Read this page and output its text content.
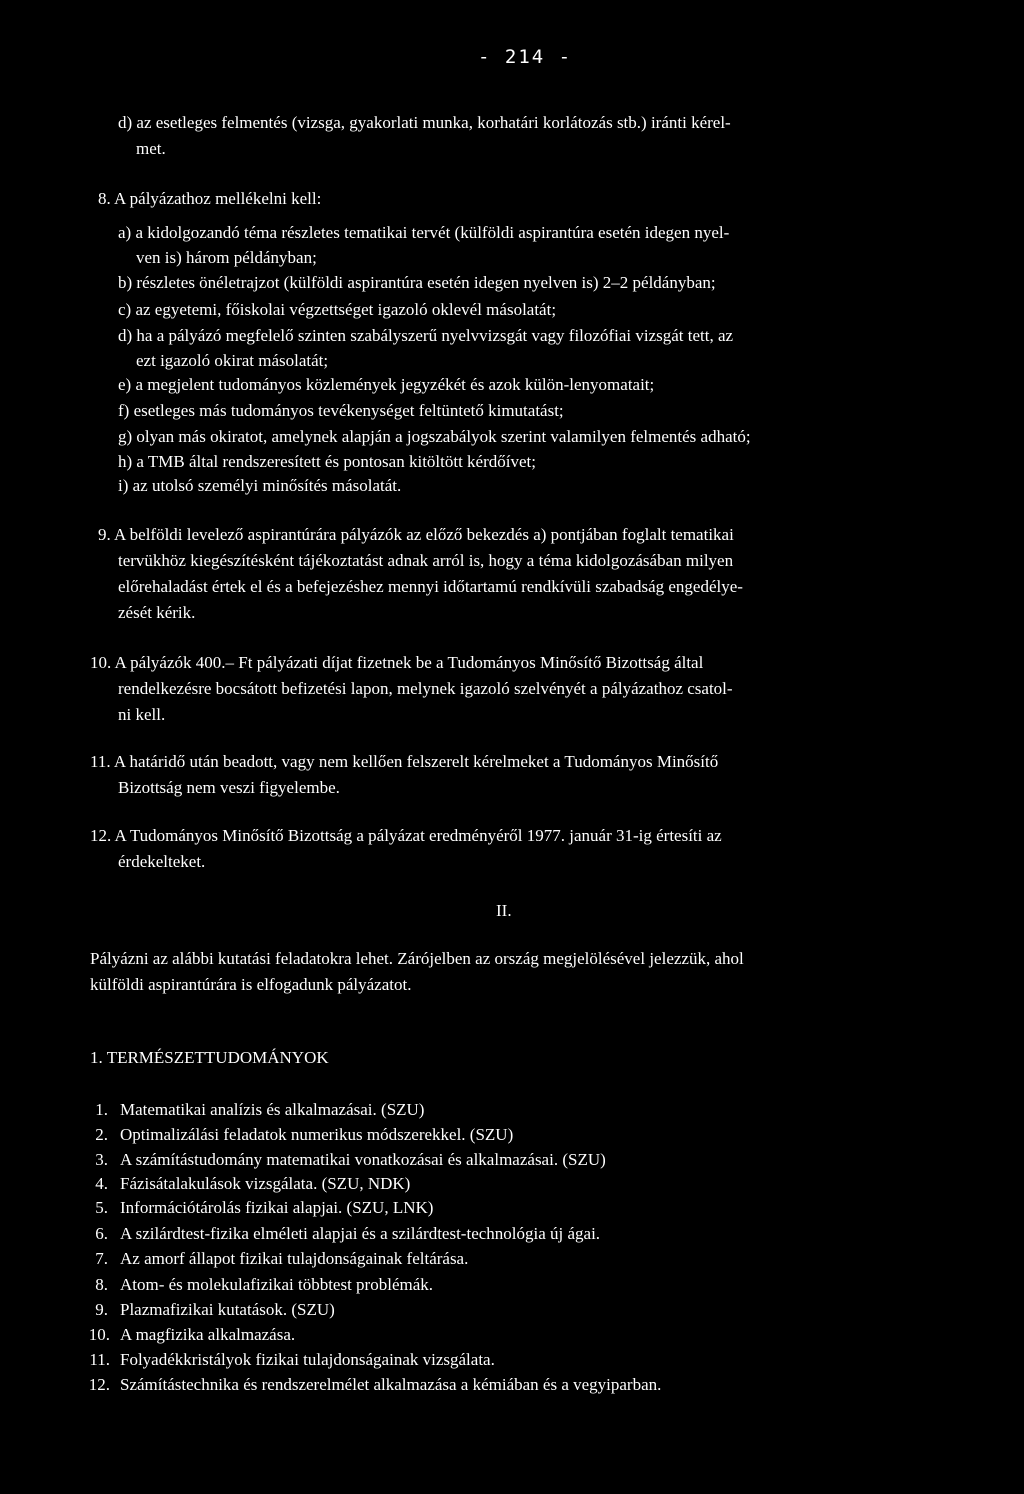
- 214 -
d) az esetleges felmentés (vizsga, gyakorlati munka, korhatári korlátozás stb.) iránti kérel-
met.
8. A pályázathoz mellékelni kell:
a) a kidolgozandó téma részletes tematikai tervét (külföldi aspirantúra esetén idegen nyel-
ven is) három példányban;
b) részletes önéletrajzot (külföldi aspirantúra esetén idegen nyelven is) 2–2 példányban;
c) az egyetemi, főiskolai végzettséget igazoló oklevél másolatát;
d) ha a pályázó megfelelő szinten szabályszerű nyelvvizsgát vagy filozófiai vizsgát tett, az
ezt igazoló okirat másolatát;
e) a megjelent tudományos közlemények jegyzékét és azok külön-lenyomatait;
f) esetleges más tudományos tevékenységet feltüntető kimutatást;
g) olyan más okiratot, amelynek alapján a jogszabályok szerint valamilyen felmentés adható;
h) a TMB által rendszeresített és pontosan kitöltött kérdőívet;
i) az utolsó személyi minősítés másolatát.
9. A belföldi levelező aspirantúrára pályázók az előző bekezdés a) pontjában foglalt tematikai
tervükhöz kiegészítésként tájékoztatást adnak arról is, hogy a téma kidolgozásában milyen
előrehaladást értek el és a befejezéshez mennyi időtartamú rendkívüli szabadság engedélye-
zését kérik.
10. A pályázók 400.– Ft pályázati díjat fizetnek be a Tudományos Minősítő Bizottság által
rendelkezésre bocsátott befizetési lapon, melynek igazoló szelvényét a pályázathoz csatol-
ni kell.
11. A határidő után beadott, vagy nem kellően felszerelt kérelmeket a Tudományos Minősítő
Bizottság nem veszi figyelembe.
12. A Tudományos Minősítő Bizottság a pályázat eredményéről 1977. január 31-ig értesíti az
érdekelteket.
II.
Pályázni az alábbi kutatási feladatokra lehet. Zárójelben az ország megjelölésével jelezzük, ahol
külföldi aspirantúrára is elfogadunk pályázatot.
1. TERMÉSZETTUDOMÁNYOK
1. Matematikai analízis és alkalmazásai. (SZU)
2. Optimalizálási feladatok numerikus módszerekkel. (SZU)
3. A számítástudomány matematikai vonatkozásai és alkalmazásai. (SZU)
4. Fázisátalakulások vizsgálata. (SZU, NDK)
5. Információtárolás fizikai alapjai. (SZU, LNK)
6. A szilárdtest-fizika elméleti alapjai és a szilárdtest-technológia új ágai.
7. Az amorf állapot fizikai tulajdonságainak feltárása.
8. Atom- és molekulafizikai többtest problémák.
9. Plazmafizikai kutatások. (SZU)
10. A magfizika alkalmazása.
11. Folyadékkristályok fizikai tulajdonságainak vizsgálata.
12. Számítástechnika és rendszerelmélet alkalmazása a kémiában és a vegyiparban.
